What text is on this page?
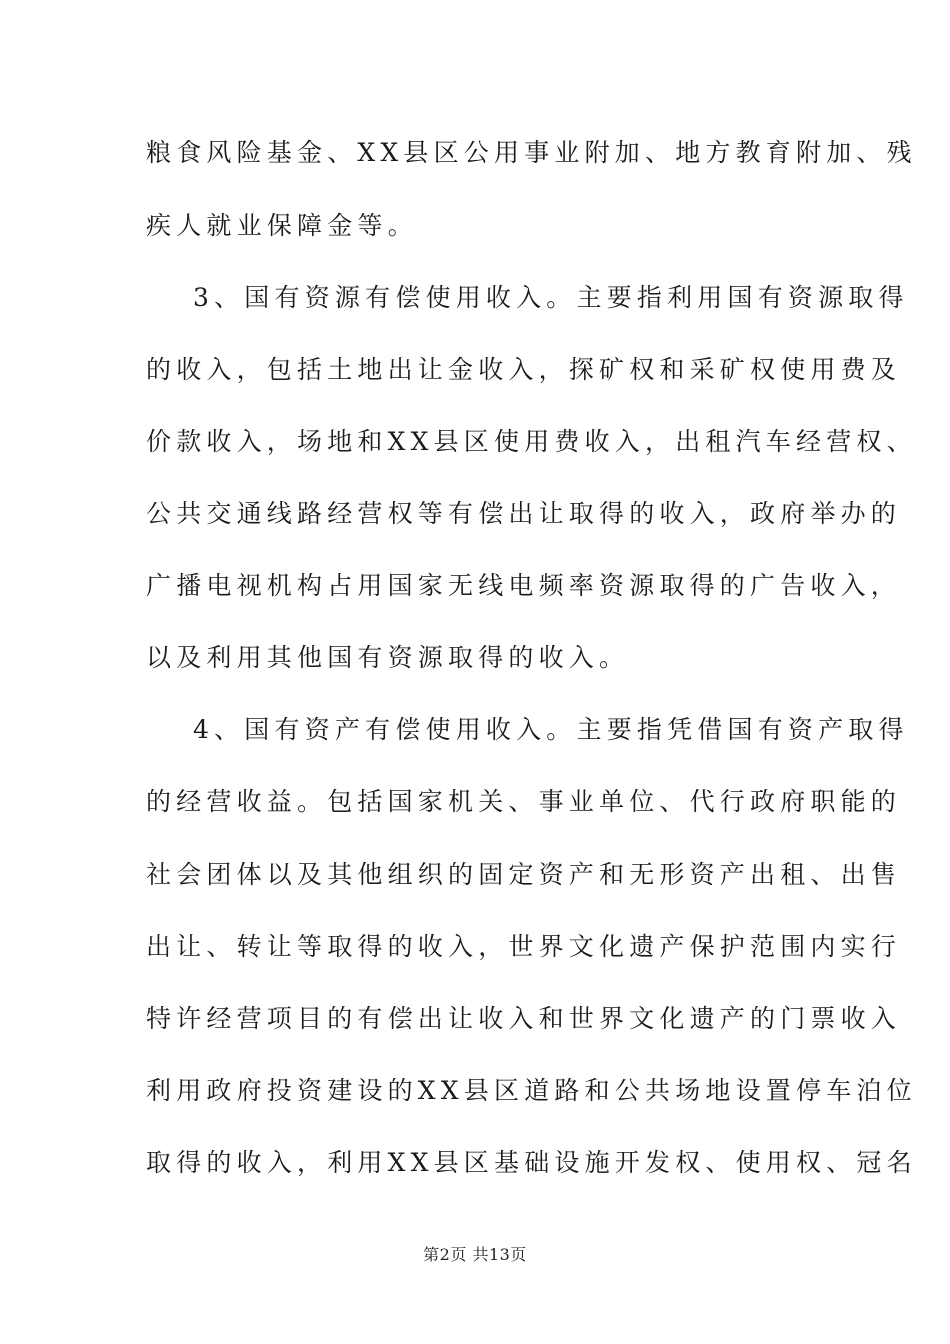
粮食风险基金、XX县区公用事业附加、地方教育附加、残
疾人就业保障金等。
3、国有资源有偿使用收入。主要指利用国有资源取得
的收入，包括土地出让金收入，探矿权和采矿权使用费及
价款收入，场地和XX县区使用费收入，出租汽车经营权、
公共交通线路经营权等有偿出让取得的收入，政府举办的
广播电视机构占用国家无线电频率资源取得的广告收入，
以及利用其他国有资源取得的收入。
4、国有资产有偿使用收入。主要指凭借国有资产取得
的经营收益。包括国家机关、事业单位、代行政府职能的
社会团体以及其他组织的固定资产和无形资产出租、出售
出让、转让等取得的收入，世界文化遗产保护范围内实行
特许经营项目的有偿出让收入和世界文化遗产的门票收入
利用政府投资建设的XX县区道路和公共场地设置停车泊位
取得的收入，利用XX县区基础设施开发权、使用权、冠名
第2页 共13页
